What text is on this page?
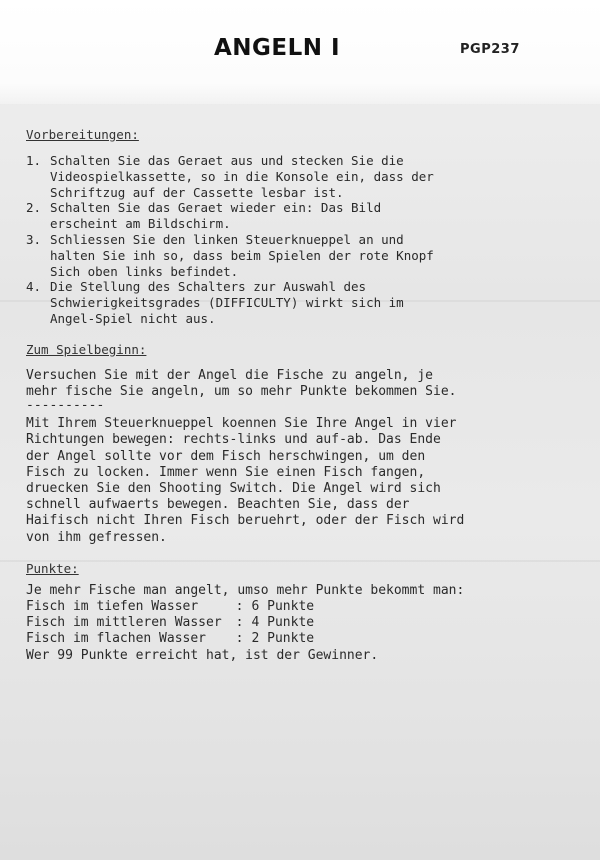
ANGELN I	PGP237

Vorbereitungen:

1. Schalten Sie das Geraet aus und stecken Sie die
Videospielkassette, so in die Konsole ein, dass der
Schriftzug auf der Cassette lesbar ist.
2. Schalten Sie das Geraet wieder ein: Das Bild
erscheint am Bildschirm.
3. Schliessen Sie den linken Steuerknueppel an und
halten Sie inh so, dass beim Spielen der rote Knopf
Sich oben links befindet.
4. Die Stellung des Schalters zur Auswahl des
Schwierigkeitsgrades (DIFFICULTY) wirkt sich im
Angel-Spiel nicht aus.

Zum Spielbeginn:

Versuchen Sie mit der Angel die Fische zu angeln, je
mehr fische Sie angeln, um so mehr Punkte bekommen Sie.

----------

Mit Ihrem Steuerknueppel koennen Sie Ihre Angel in vier
Richtungen bewegen: rechts-links und auf-ab. Das Ende
der Angel sollte vor dem Fisch herschwingen, um den
Fisch zu locken. Immer wenn Sie einen Fisch fangen,
druecken Sie den Shooting Switch. Die Angel wird sich
schnell aufwaerts bewegen. Beachten Sie, dass der
Haifisch nicht Ihren Fisch beruehrt, oder der Fisch wird
von ihm gefressen.

Punkte:

Je mehr Fische man angelt, umso mehr Punkte bekommt man:

Fisch im tiefen Wasser	:	6 Punkte
Fisch im mittleren Wasser	:	4 Punkte
Fisch im flachen Wasser	:	2 Punkte

Wer 99 Punkte erreicht hat, ist der Gewinner.
